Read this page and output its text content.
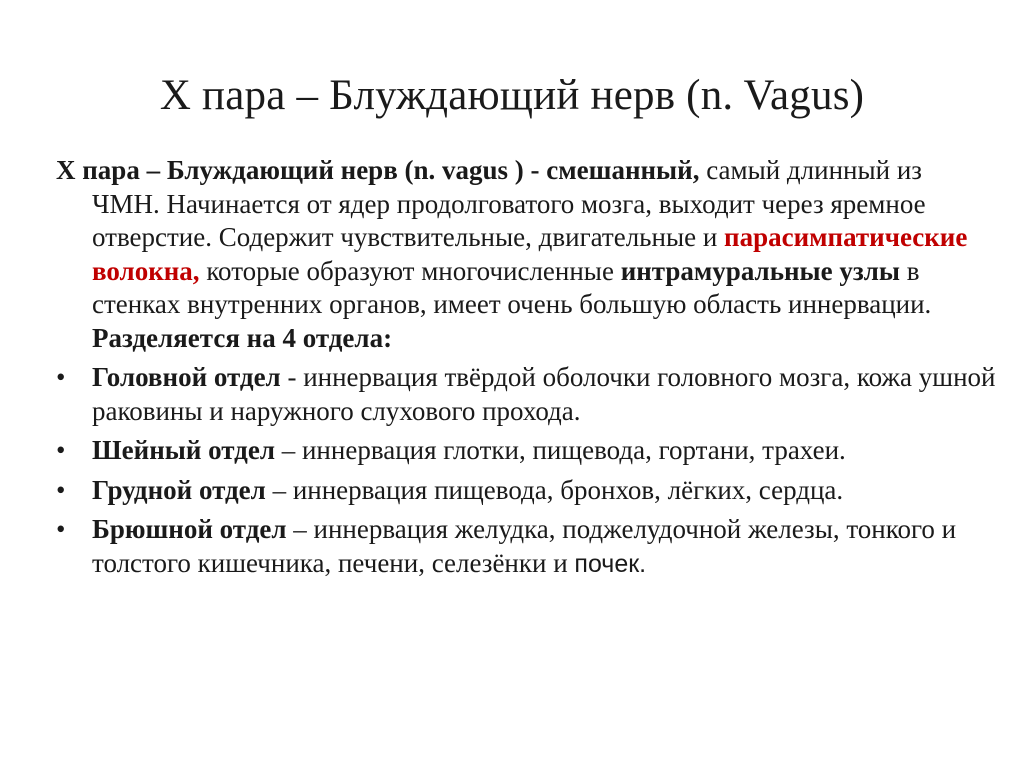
X пара – Блуждающий нерв (n. Vagus)
X пара – Блуждающий нерв (n. vagus ) - смешанный, самый длинный из ЧМН. Начинается от ядер продолговатого мозга, выходит через яремное отверстие. Содержит чувствительные, двигательные и парасимпатические волокна, которые образуют многочисленные интрамуральные узлы в стенках внутренних органов, имеет очень большую область иннервации.
Разделяется на 4 отдела:
• Головной отдел - иннервация твёрдой оболочки головного мозга, кожа ушной раковины и наружного слухового прохода.
• Шейный отдел – иннервация глотки, пищевода, гортани, трахеи.
• Грудной отдел – иннервация пищевода, бронхов, лёгких, сердца.
• Брюшной отдел – иннервация желудка, поджелудочной железы, тонкого и толстого кишечника, печени, селезёнки и почек.
